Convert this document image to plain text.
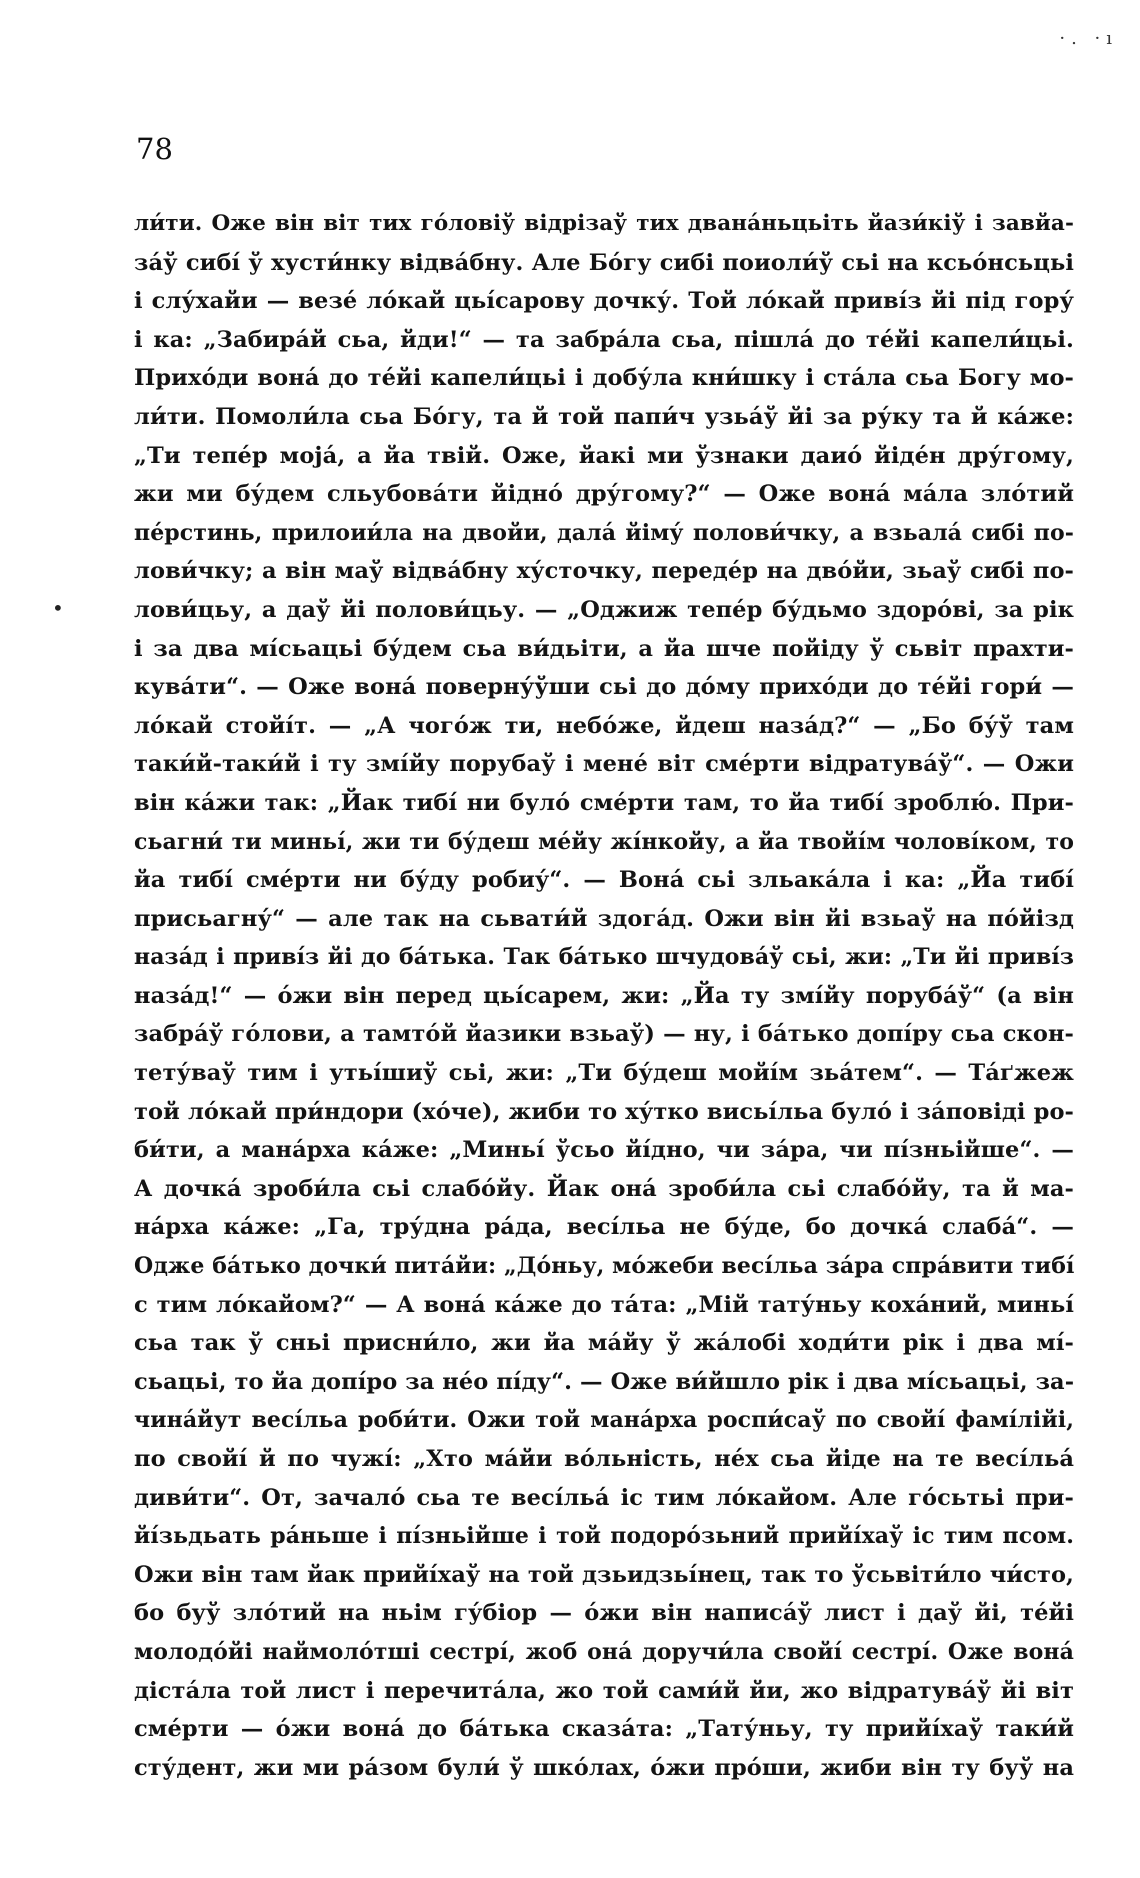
·. ·ı
78
•
ли́ти. Оже він віт тих го́ловіў відрізаў тих двана́ньцьіть йази́кіў і завйа-
за́ў сибі́ ў хусти́нку відва́бну. Але Бо́гу сибі поиоли́ў сьі на ксьо́нсьцьі
і слу́хайи — везе́ ло́кай цьі́сарову дочку́. Той ло́кай приві́з йі під гору́
і ка: „Забира́й сьа, йди!“ — та забра́ла сьа, пішла́ до те́йі капели́цьі.
Прихо́ди вона́ до те́йі капели́цьі і добу́ла кни́шку і ста́ла сьа Богу мо-
ли́ти. Помоли́ла сьа Бо́гу, та й той папи́ч узьа́ў йі за ру́ку та й ка́же:
„Ти тепе́р моја́, а йа твій. Оже, йакі ми ўзнаки даио́ йіде́н дру́гому,
жи ми бу́дем сльубова́ти йідно́ дру́гому?“ — Оже вона́ ма́ла зло́тий
пе́рстинь, прилоии́ла на двойи, дала́ йіму́ полови́чку, а взьала́ сибі по-
лови́чку; а він маў відва́бну ху́сточку, переде́р на дво́йи, зьаў сибі по-
лови́цьу, а даў йі полови́цьу. — „Оджиж тепе́р бу́дьмо здоро́ві, за рік
і за два мі́сьацьі бу́дем сьа ви́дьіти, а йа шче пойіду ў сьвіт прахти-
кува́ти“. — Оже вона́ поверну́ўши сьі до до́му прихо́ди до те́йі гори́ —
ло́кай стойі́т. — „А чого́ж ти, небо́же, йдеш наза́д?“ — „Бо бу́ў там
таки́й-таки́й і ту змі́йу порубаў і мене́ віт сме́рти відратува́ў“. — Ожи
він ка́жи так: „Йак тибі́ ни було́ сме́рти там, то йа тибі́ зроблю́. При-
сьагни́ ти миньі́, жи ти бу́деш ме́йу жі́нкойу, а йа твойі́м чолові́ком, то
йа тибі́ сме́рти ни бу́ду робиу́“. — Вона́ сьі зльака́ла і ка: „Йа тибі́
присьагну́“ — але так на сьвати́й здога́д. Ожи він йі взьаў на по́йізд
наза́д і приві́з йі до ба́тька. Так ба́тько шчудова́ў сьі, жи: „Ти йі приві́з
наза́д!“ — о́жи він перед цьі́сарем, жи: „Йа ту змі́йу поруба́ў“ (а він
забра́ў го́лови, а тамто́й йазики взьаў) — ну, і ба́тько допі́ру сьа скон-
тету́ваў тим і утьі́шиў сьі, жи: „Ти бу́деш мойі́м зьа́тем“. — Та́ґжеж
той ло́кай при́ндори (хо́че), жиби то ху́тко висьі́льа було́ і за́повіді ро-
би́ти, а мана́рха ка́же: „Миньі́ ўсьо йі́дно, чи за́ра, чи пі́зньійше“. —
А дочка́ зроби́ла сьі слабо́йу. Йак она́ зроби́ла сьі слабо́йу, та й ма-
на́рха ка́же: „Га, тру́дна ра́да, весі́льа не бу́де, бо дочка́ слаба́“. —
Одже ба́тько дочки́ пита́йи: „До́ньу, мо́жеби весі́льа за́ра спра́вити тибі́
с тим ло́кайом?“ — А вона́ ка́же до та́та: „Мій тату́ньу коха́ний, миньі́
сьа так ў сньі присни́ло, жи йа ма́йу ў жа́лобі ходи́ти рік і два мі́-
сьацьі, то йа допі́ро за не́о пі́ду“. — Оже ви́йшло рік і два мі́сьацьі, за-
чина́йут весі́льа роби́ти. Ожи той мана́рха роспи́саў по свойі́ фамі́лійі,
по свойі́ й по чужі́: „Хто ма́йи во́льність, не́х сьа йіде на те весі́льа́
диви́ти“. От, зачало́ сьа те весі́льа́ іс тим ло́кайом. Але го́сьтьі при-
йі́зьдьать ра́ньше і пі́зньійше і той подоро́зьний прийі́хаў іс тим псом.
Ожи він там йак прийі́хаў на той дзьидзьі́нец, так то ўсьвіти́ло чи́сто,
бо буў зло́тий на ньім гу́біор — о́жи він написа́ў лист і даў йі, те́йі
молодо́йі наймоло́тші сестрі́, жоб она́ доручи́ла свойі́ сестрі́. Оже вона́
діста́ла той лист і перечита́ла, жо той сами́й йи, жо відратува́ў йі віт
сме́рти — о́жи вона́ до ба́тька сказа́та: „Тату́ньу, ту прийі́хаў таки́й
сту́дент, жи ми ра́зом були́ ў шко́лах, о́жи про́ши, жиби він ту буў на
